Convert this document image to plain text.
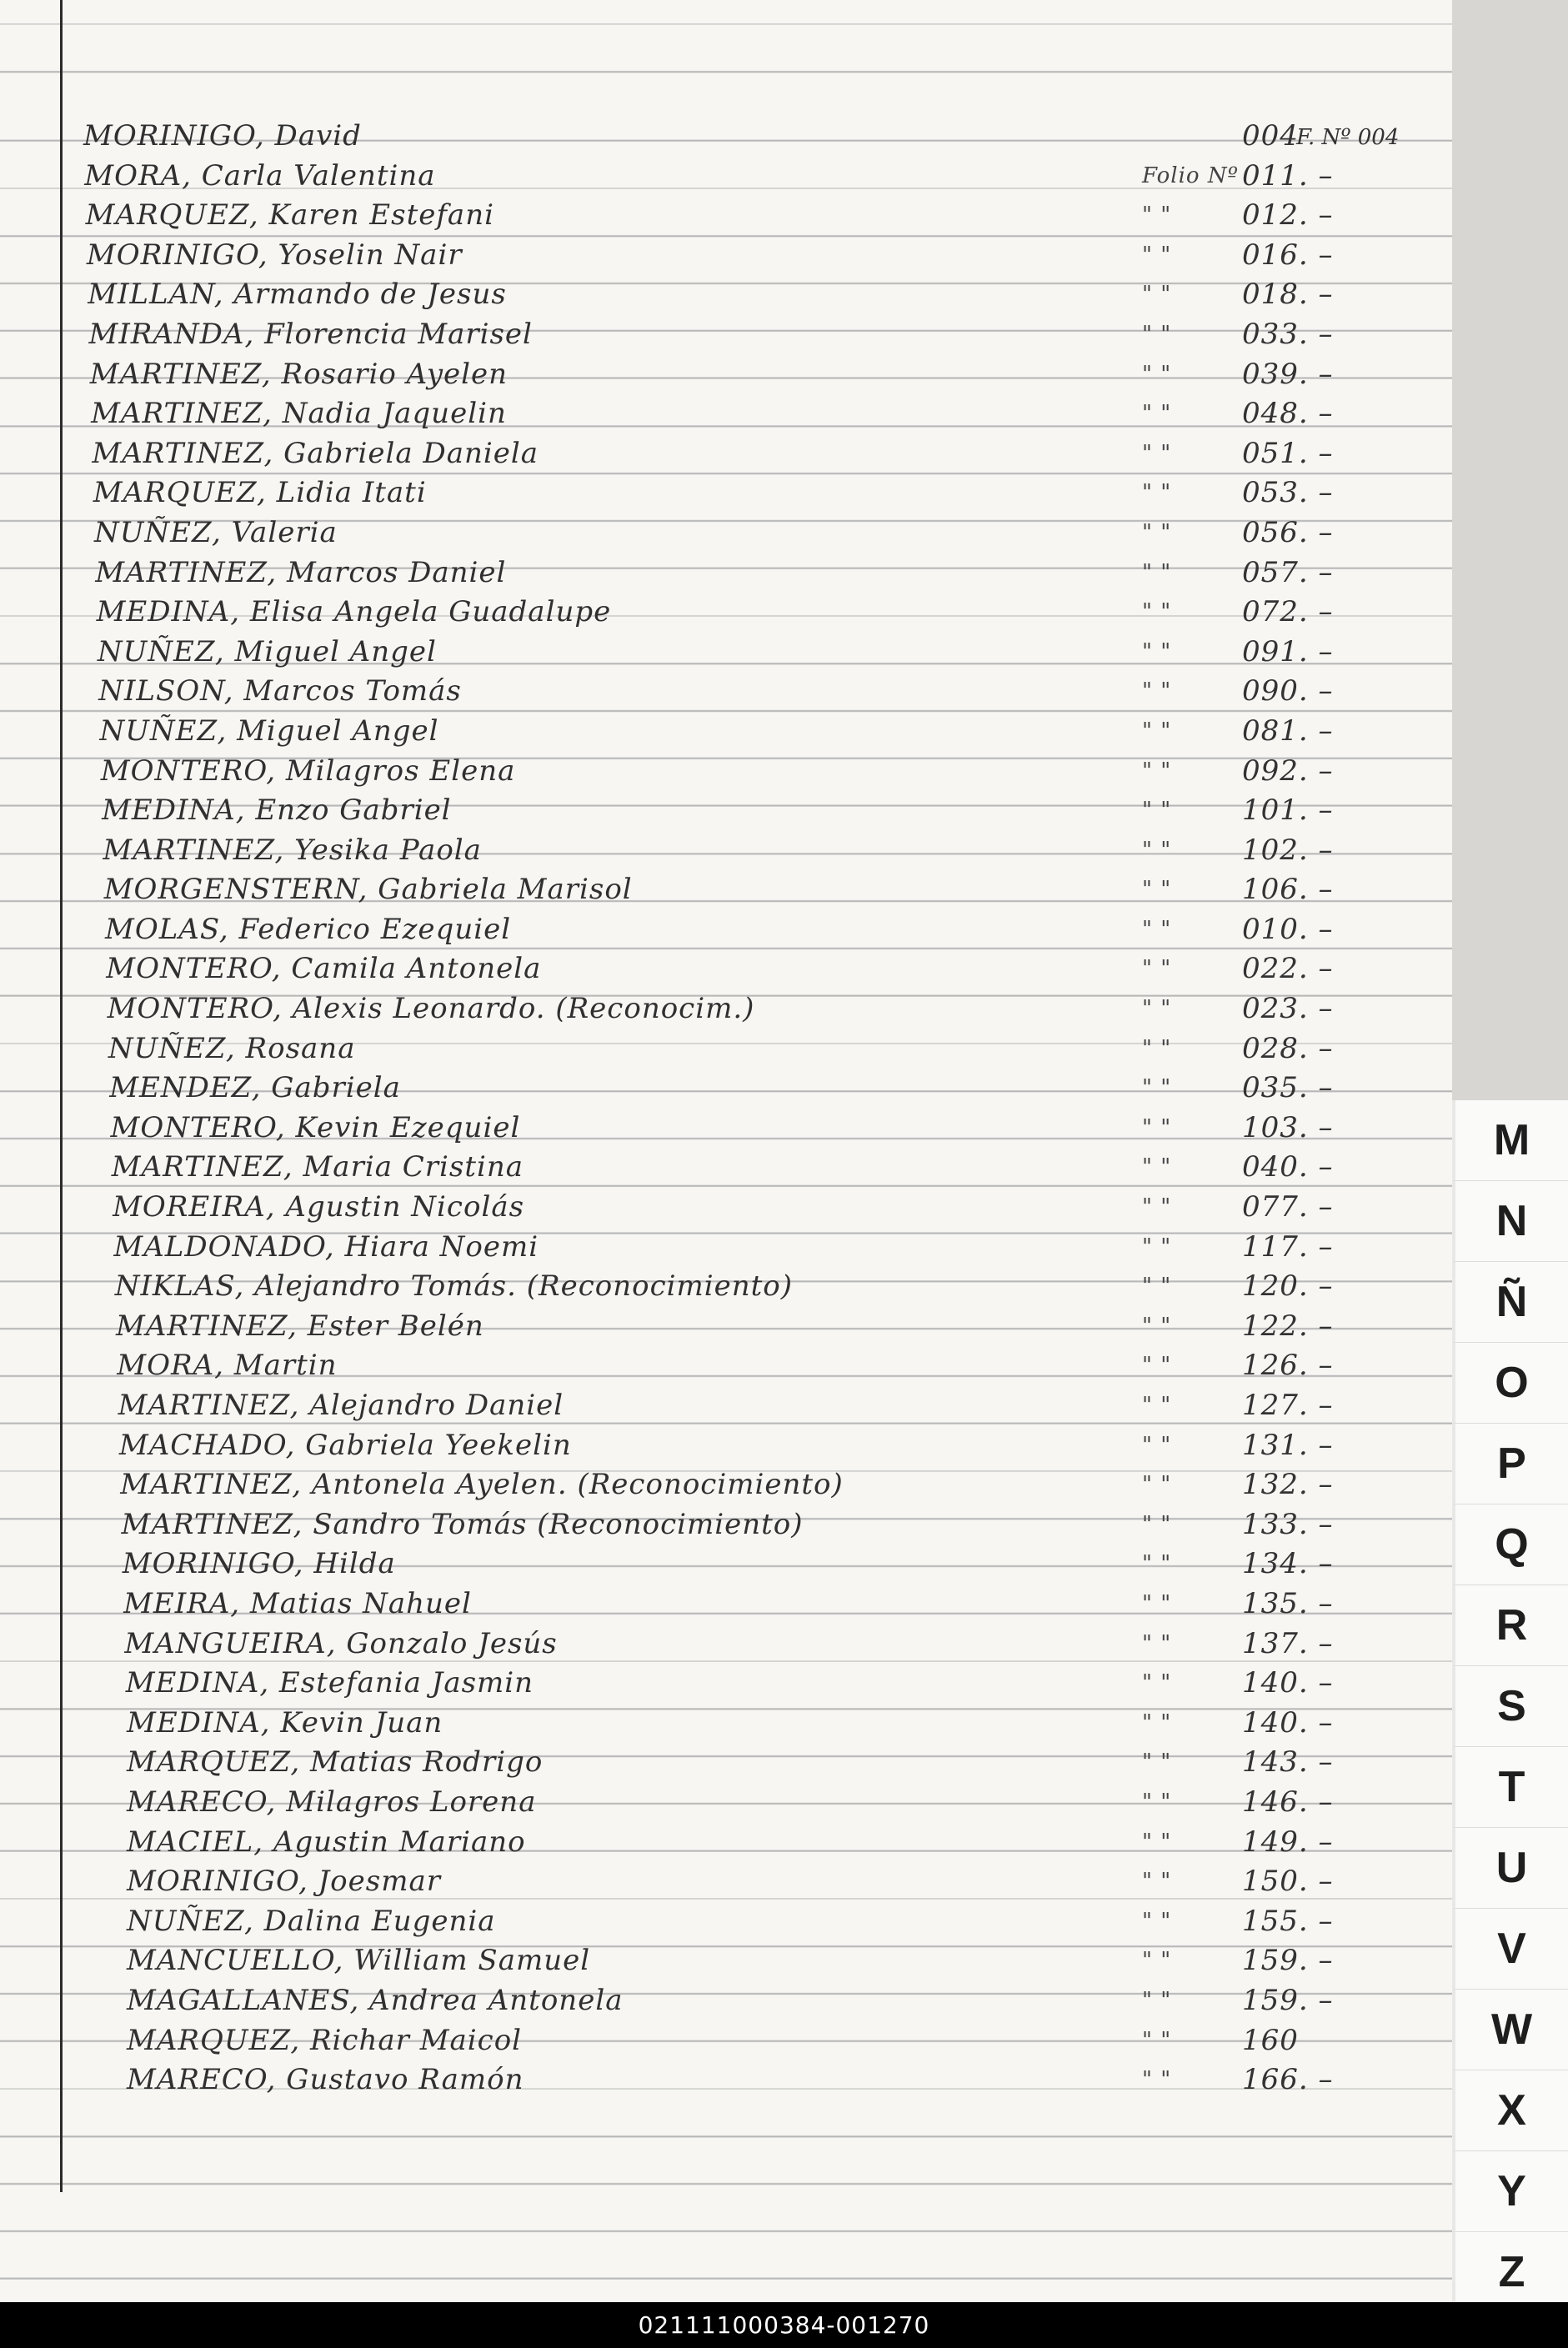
F. Nº 004
MORINIGO, David	004
MORA, Carla Valentina	Folio Nº 011. –
MARQUEZ, Karen Estefani	" " 012. –
MORINIGO, Yoselin Nair	" " 016. –
MILLAN, Armando de Jesus	" " 018. –
MIRANDA, Florencia Marisel	" " 033. –
MARTINEZ, Rosario Ayelen	" " 039. –
MARTINEZ, Nadia Jaquelin	" " 048. –
MARTINEZ, Gabriela Daniela	" " 051. –
MARQUEZ, Lidia Itati	" " 053. –
NUÑEZ, Valeria	" " 056. –
MARTINEZ, Marcos Daniel	" " 057. –
MEDINA, Elisa Angela Guadalupe	" " 072. –
NUÑEZ, Miguel Angel	" " 091. –
NILSON, Marcos Tomás	" " 090. –
NUÑEZ, Miguel Angel	" " 081. –
MONTERO, Milagros Elena	" " 092. –
MEDINA, Enzo Gabriel	" " 101. –
MARTINEZ, Yesika Paola	" " 102. –
MORGENSTERN, Gabriela Marisol	" " 106. –
MOLAS, Federico Ezequiel	" " 010. –
MONTERO, Camila Antonela	" " 022. –
MONTERO, Alexis Leonardo. (Reconocim.)	" " 023. –
NUÑEZ, Rosana	" " 028. –
MENDEZ, Gabriela	" " 035. –
MONTERO, Kevin Ezequiel	" " 103. –
MARTINEZ, Maria Cristina	" " 040. –
MOREIRA, Agustin Nicolás	" " 077. –
MALDONADO, Hiara Noemi	" " 117. –
NIKLAS, Alejandro Tomás. (Reconocimiento)	" " 120. –
MARTINEZ, Ester Belén	" " 122. –
MORA, Martin	" " 126. –
MARTINEZ, Alejandro Daniel	" " 127. –
MACHADO, Gabriela Yeekelin	" " 131. –
MARTINEZ, Antonela Ayelen. (Reconocimiento)	" " 132. –
MARTINEZ, Sandro Tomás (Reconocimiento)	" " 133. –
MORINIGO, Hilda	" " 134. –
MEIRA, Matias Nahuel	" " 135. –
MANGUEIRA, Gonzalo Jesús	" " 137. –
MEDINA, Estefania Jasmin	" " 140. –
MEDINA, Kevin Juan	" " 140. –
MARQUEZ, Matias Rodrigo	" " 143. –
MARECO, Milagros Lorena	" " 146. –
MACIEL, Agustin Mariano	" " 149. –
MORINIGO, Joesmar	" " 150. –
NUÑEZ, Dalina Eugenia	" " 155. –
MANCUELLO, William Samuel	" " 159. –
MAGALLANES, Andrea Antonela	" " 159. –
MARQUEZ, Richar Maicol	" " 160
MARECO, Gustavo Ramón	" " 166. –
M
N
Ñ
O
P
Q
R
S
T
U
V
W
X
Y
Z
021111000384-001270
